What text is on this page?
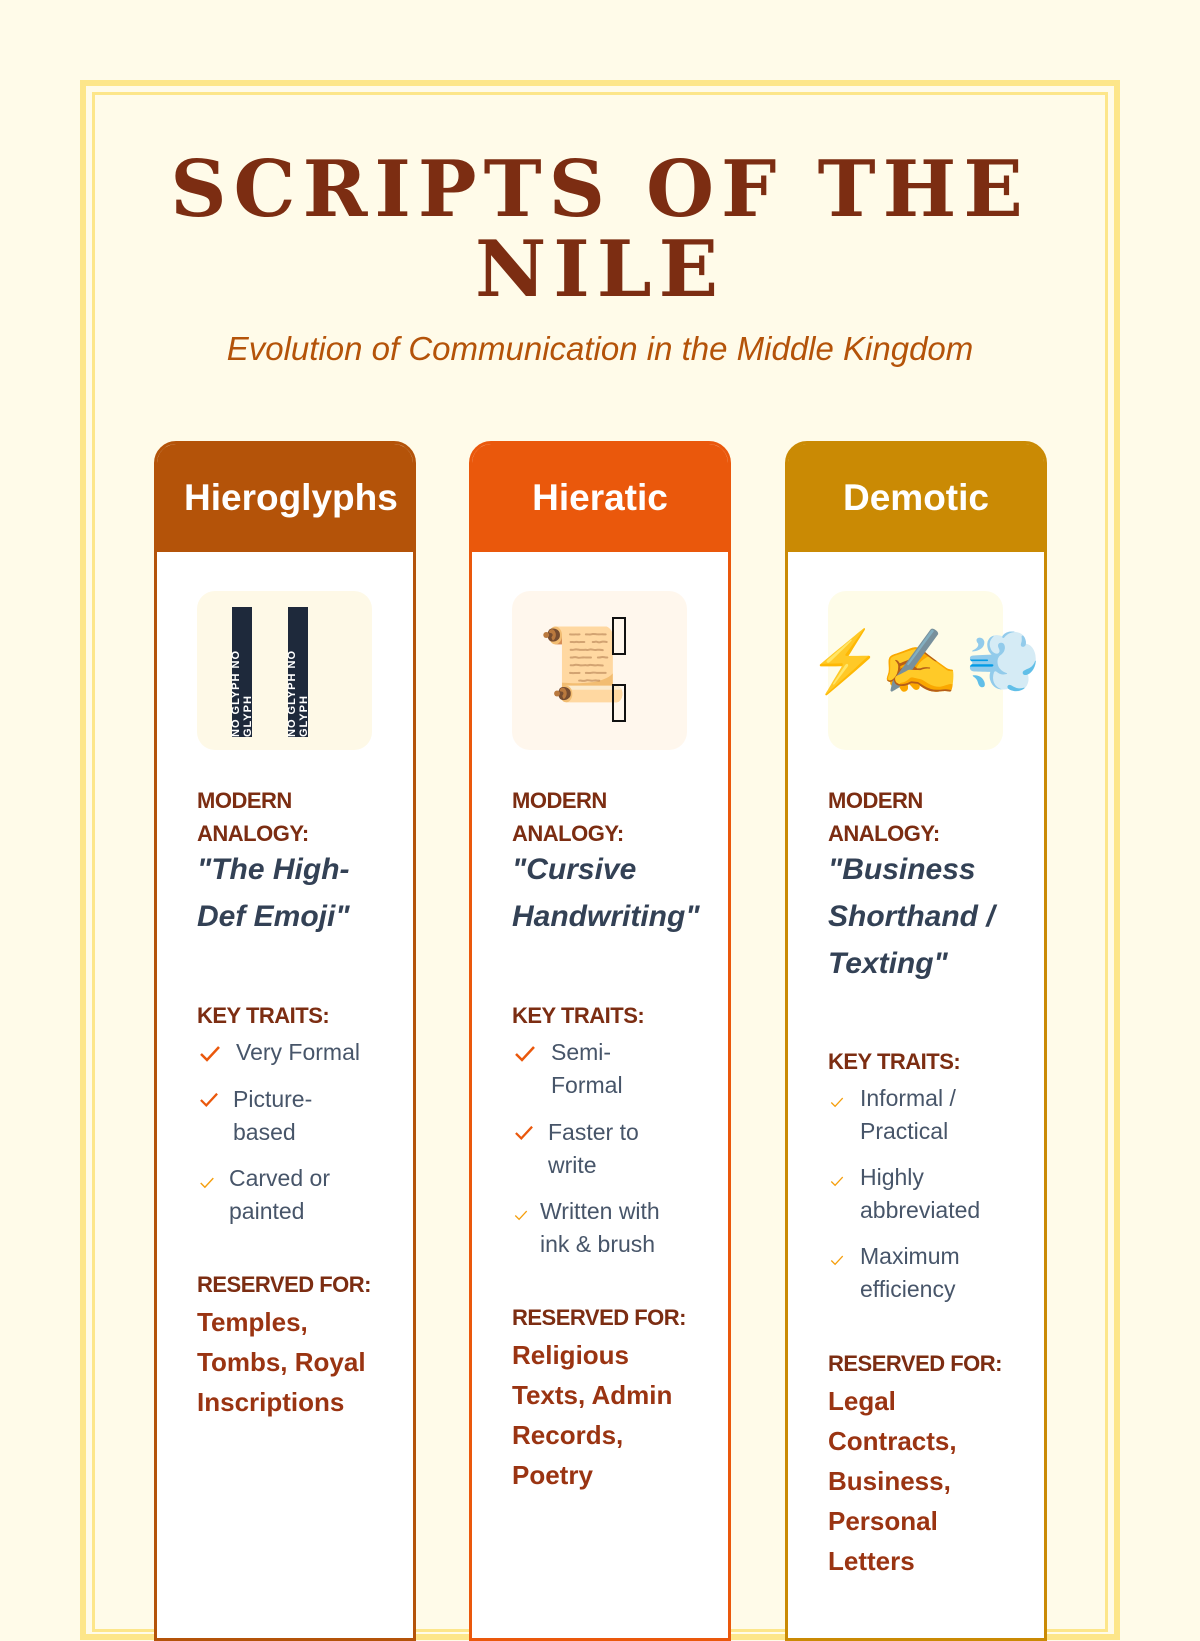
SCRIPTS OF THE
NILE

Evolution of Communication in the Middle Kingdom

Hieroglyphs
NO GLYPH NO GLYPH	NO GLYPH NO GLYPH
MODERN
ANALOGY:
"The High-
Def Emoji"
KEY TRAITS:
Very Formal
Picture-
based
Carved or
painted
RESERVED FOR:
Temples,
Tombs, Royal
Inscriptions
Hieratic
📜
MODERN
ANALOGY:
"Cursive
Handwriting"
KEY TRAITS:
Semi-
Formal
Faster to
write
Written with
ink & brush
RESERVED FOR:
Religious
Texts, Admin
Records,
Poetry
Demotic
⚡
✍ 💨
MODERN
ANALOGY:
"Business
Shorthand /
Texting"
KEY TRAITS:
Informal /
Practical
Highly
abbreviated
Maximum
efficiency
RESERVED FOR:
Legal
Contracts,
Business,
Personal
Letters
